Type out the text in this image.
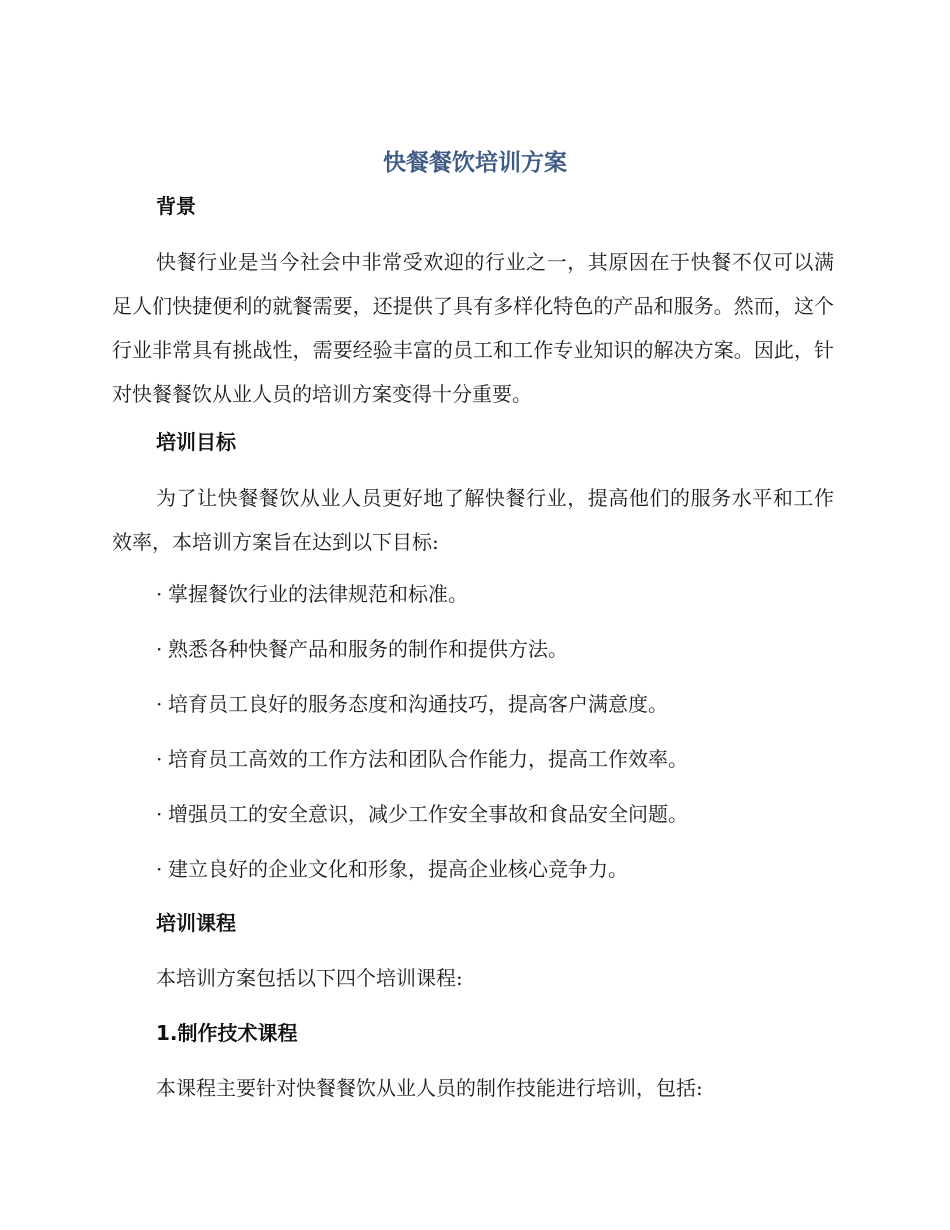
快餐餐饮培训方案
背景
快餐行业是当今社会中非常受欢迎的行业之一，其原因在于快餐不仅可以满足人们快捷便利的就餐需要，还提供了具有多样化特色的产品和服务。然而，这个行业非常具有挑战性，需要经验丰富的员工和工作专业知识的解决方案。因此，针对快餐餐饮从业人员的培训方案变得十分重要。
培训目标
为了让快餐餐饮从业人员更好地了解快餐行业，提高他们的服务水平和工作效率，本培训方案旨在达到以下目标:
· 掌握餐饮行业的法律规范和标准。
· 熟悉各种快餐产品和服务的制作和提供方法。
· 培育员工良好的服务态度和沟通技巧，提高客户满意度。
· 培育员工高效的工作方法和团队合作能力，提高工作效率。
· 增强员工的安全意识，减少工作安全事故和食品安全问题。
· 建立良好的企业文化和形象，提高企业核心竞争力。
培训课程
本培训方案包括以下四个培训课程:
1.制作技术课程
本课程主要针对快餐餐饮从业人员的制作技能进行培训，包括:
